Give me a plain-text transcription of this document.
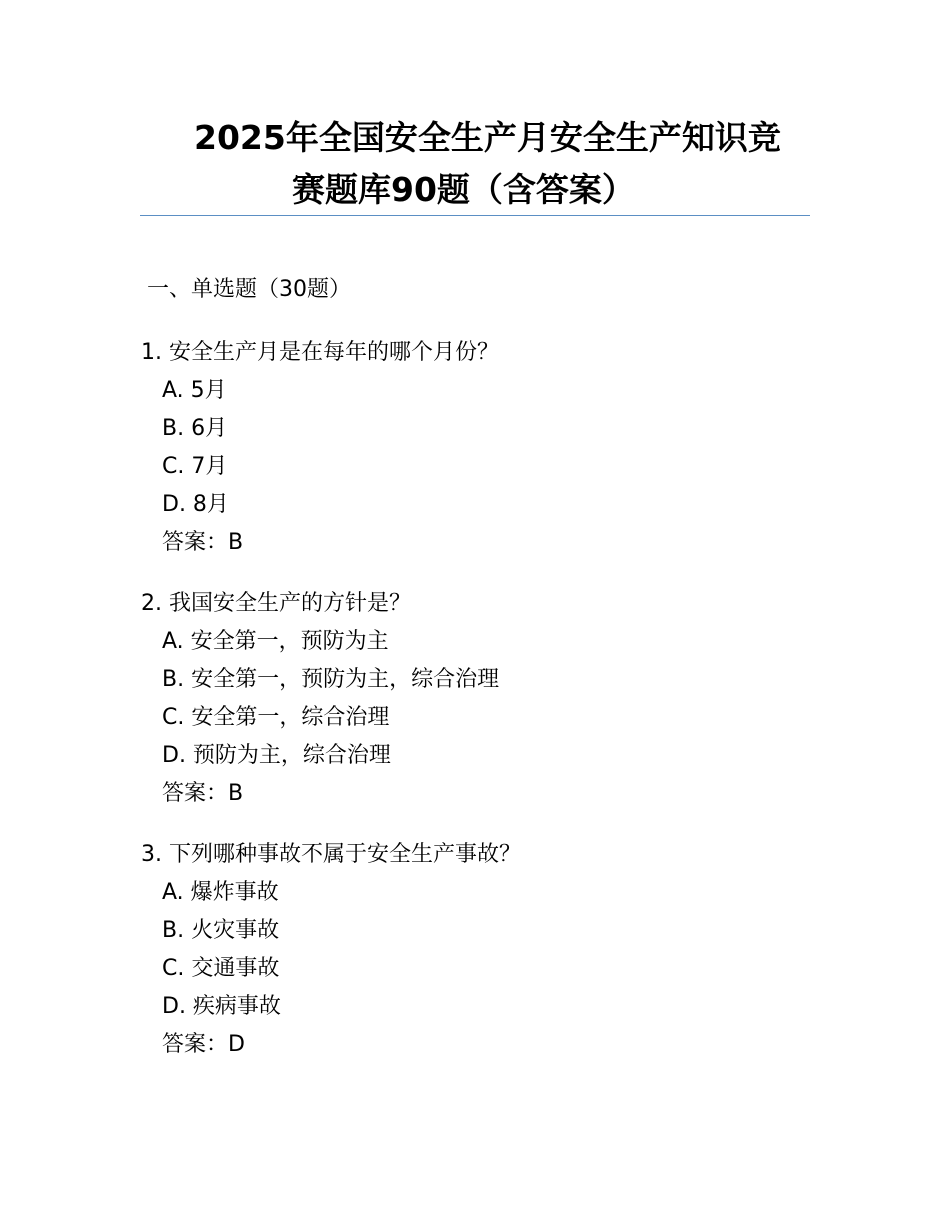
2025年全国安全生产月安全生产知识竞
赛题库90题（含答案）
一、单选题（30题）
1. 安全生产月是在每年的哪个月份？
A. 5月
B. 6月
C. 7月
D. 8月
答案：B
2. 我国安全生产的方针是？
A. 安全第一，预防为主
B. 安全第一，预防为主，综合治理
C. 安全第一，综合治理
D. 预防为主，综合治理
答案：B
3. 下列哪种事故不属于安全生产事故？
A. 爆炸事故
B. 火灾事故
C. 交通事故
D. 疾病事故
答案：D
